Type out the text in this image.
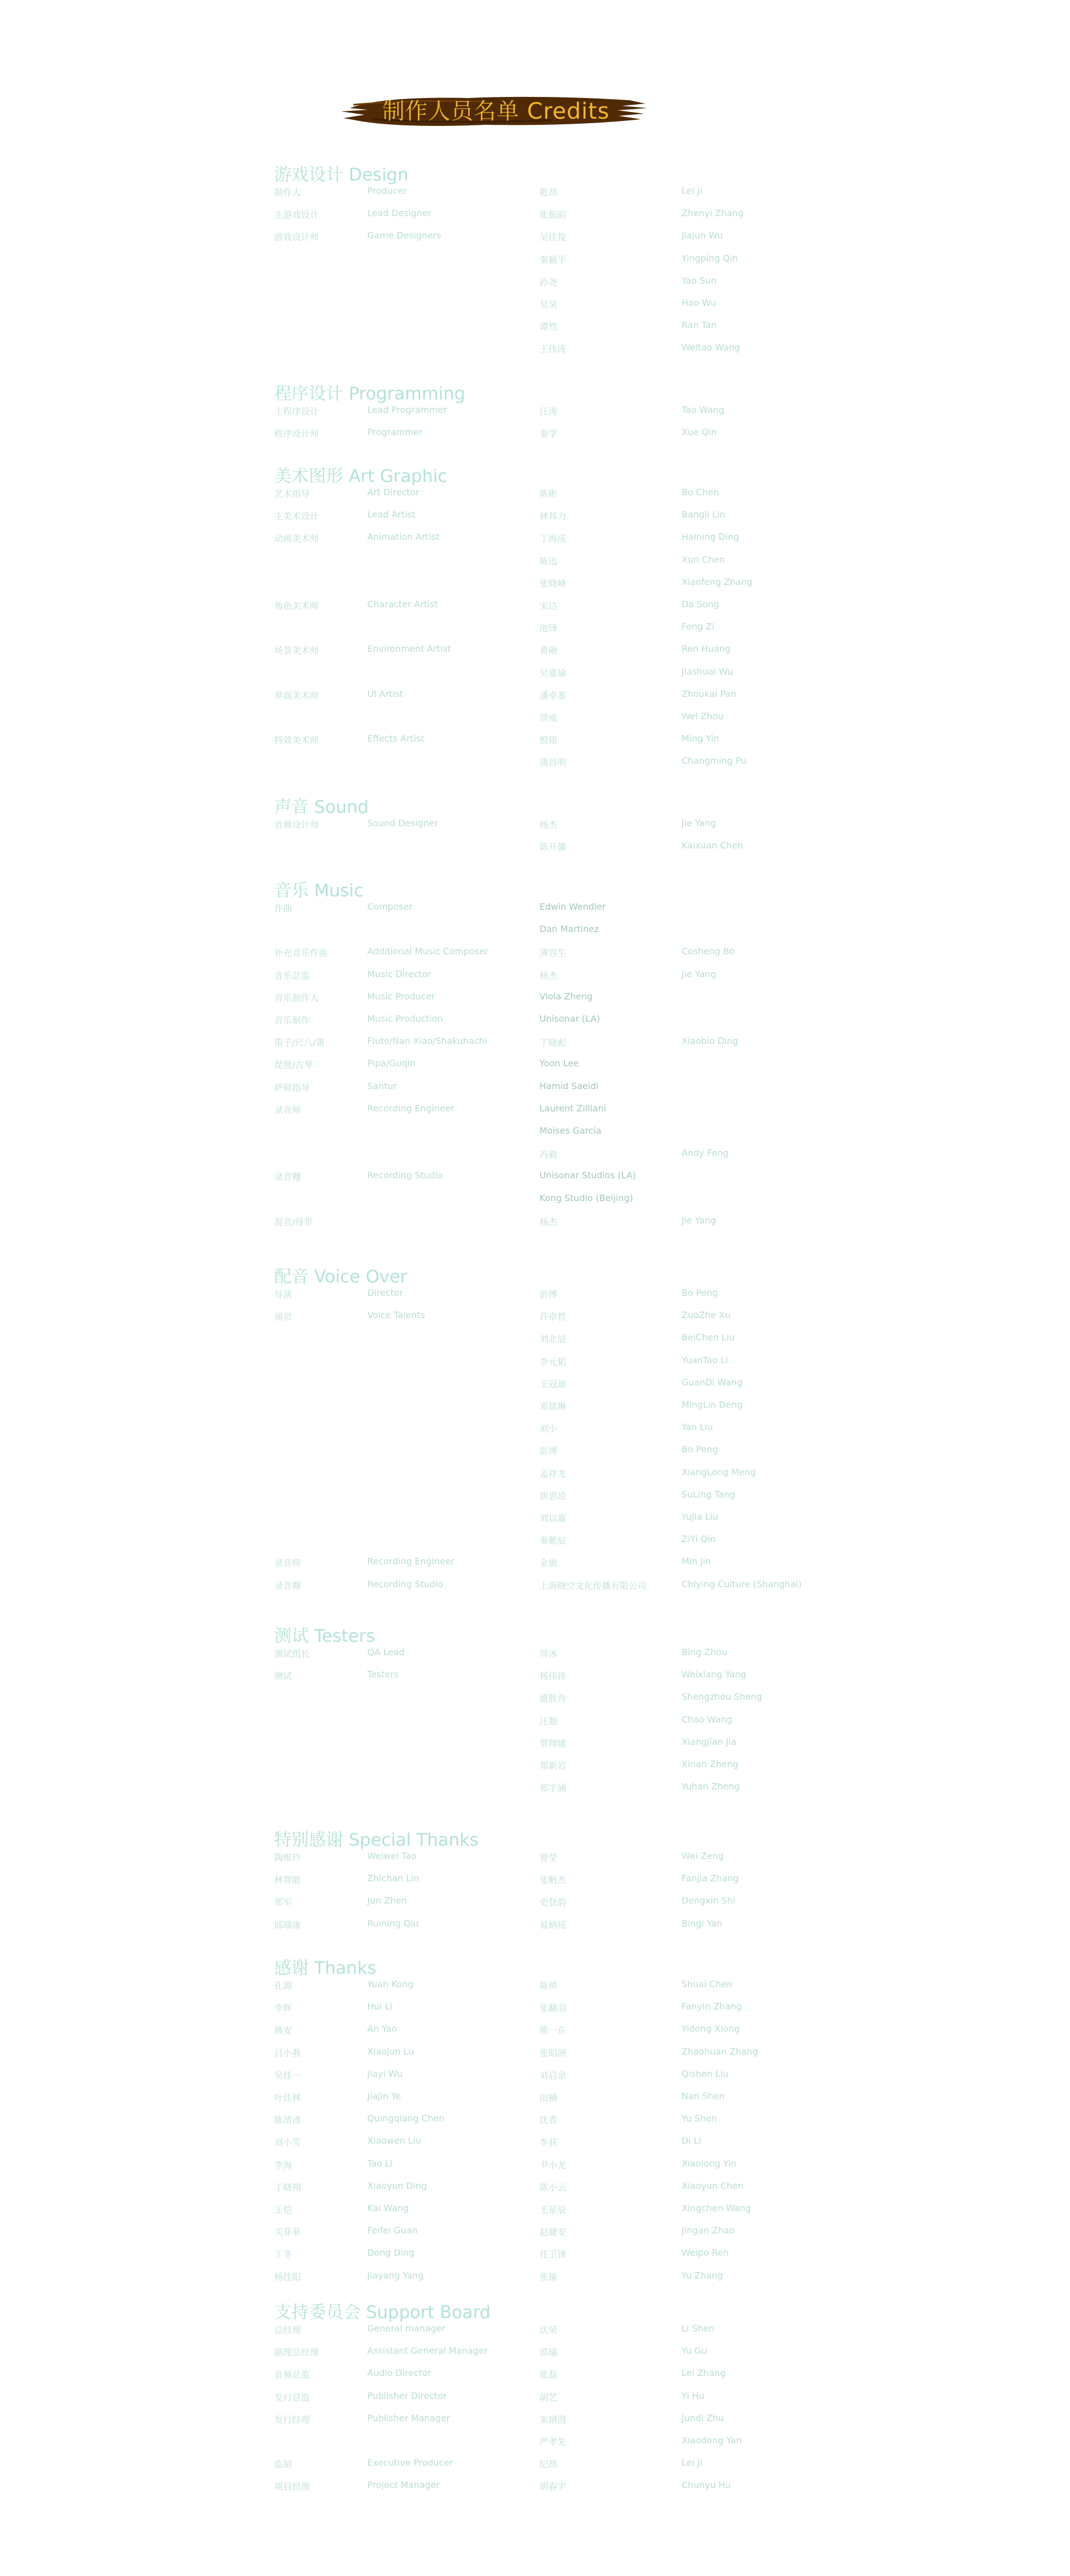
制作人员名单 Credits
游戏设计 Design
制作人	Producer	乾昂	Lei Ji
主游戏设计	Lead Designer	张振昭	Zhenyi Zhang
游戏设计师	Game Designers	吴佳俊	Jiajun Wu
秦颖平	Yingping Qin
孙尧	Yao Sun
吴昊	Hao Wu
谭然	Ran Tan
王伟涛	Weitao Wang
程序设计 Programming
主程序设计	Lead Programmer	汪涛	Tao Wang
程序设计师	Programmer	秦学	Xue Qin
美术图形 Art Graphic
艺术指导	Art Director	陈彬	Bo Chen
主美术设计	Lead Artist	林邦力	Bangli Lin
动画美术师	Animation Artist	丁海成	Haining Ding
陈迅	Xun Chen
张晓峰	Xiaofeng Zhang
角色美术师	Character Artist	宋达	Da Song
池锋	Feng Zi
场景美术师	Environment Artist	黄融	Ren Huang
吴嘉瑜	Jiashuai Wu
界面美术师	UI Artist	潘卓銮	Zhoukai Pan
周威	Wei Zhou
特效美术师	Effects Artist	殷铭	Ming Yin
蒲昌明	Changming Pu
声音 Sound
音频设计师	Sound Designer	杨杰	Jie Yang
陈开馨	Kaixuan Chen
音乐 Music
作曲	Composer	Edwin Wendler
Dan Martinez
补充音乐作曲	Additional Music Composer	薄容生	Cosheng Bo
音乐总监	Music Director	杨杰	Jie Yang
音乐制作人	Music Producer	Viola Zheng
音乐制作	Music Production	Unisonar (LA)
笛子/尺八/箫	Flute/Nan Xiao/Shakuhachi	丁晓彪	Xiaobio Ding
琵琶/古琴	Pipa/Guqin	Yoon Lee
萨顿指导	Santur	Hamid Saeidi
录音师	Recording Engineer	Laurent Zilliani
Moises Garcia
冯毅	Andy Feng
录音棚	Recording Studio	Unisonar Studios (LA)
Kong Studio (Beijing)
混音/母带	杨杰	Jie Yang
配音 Voice Over
导演	Director	彭博	Bo Peng
演员	Voice Talents	许卓哲	ZuoZhe Xu
刘北辰	BeiChen Liu
李元韬	YuanTao Li
王冠迪	GuanDi Wang
邓铭琳	MingLin Deng
刘小	Yan Liu
彭博	Bo Peng
孟祥龙	XiangLong Meng
唐思凌	SuLing Tang
刘以嘉	YuJia Liu
秦紫辰	ZiYi Qin
录音师	Recording Engineer	金敏	Min Jin
录音棚	Recording Studio	上海晓空文化传播有限公司	Chiying Culture (Shanghai)
测试 Testers
测试组长	QA Lead	周冰	Bing Zhou
测试	Testers	杨伟祥	Weixiang Yang
盛胜舟	Shengzhou Sheng
汪超	Chao Wang
贾翔建	Xiangjian Jia
郑新岩	Xinan Zheng
郑宇涵	Yuhan Zheng
特别感谢 Special Thanks
陶维玲	Weiwei Tao	曾莹	Wei Zeng
林智能	Zhichan Lin	张帆杰	Fanjia Zhang
郑军	Jun Zhen	史登韵	Dengxin Shi
邱瑞康	Ruining Qiu	易炳瑶	Bingi Yan
感谢 Thanks
孔源	Yuan Kong	陈帅	Shuai Chen
李辉	Hui Li	张翻羽	Fanyin Zhang
姚安	An Yao	熊一东	Yidong Xiong
吕小燕	Xiaojun Lu	张昭洲	Zhaohuan Zhang
吴佳一	Jiayi Wu	刘启余	Qishen Liu
叶佳林	Jiajin Ye	田楠	Nan Shen
陈清清	Quingqiang Chen	沈青	Yu Shen
刘小雪	Xiaowen Liu	李获	Di Li
李海	Tao Li	尹小龙	Xiaolong Yin
丁晓翔	Xiaoyun Ding	陈小云	Xiaoyun Chen
王恺	Kai Wang	王星辰	Xingchen Wang
关菲菲	Feifei Guan	赵婕安	Jingan Zhao
丁冬	Dong Ding	任卫锋	Weipo Ren
杨佳阳	Jiayang Yang	张瑜	Yu Zhang
支持委员会 Support Board
总经理	General manager	沈荣	Li Shen
副理总经理	Assistant General Manager	郭瑜	Yu Gu
音频总监	Audio Director	张磊	Lei Zhang
发行总监	Publisher Director	胡艺	Yi Hu
发行经理	Publisher Manager	朱靖澄	Jundi Zhu
严孝先	Xiaodong Yan
监制	Executive Producer	纪昂	Lei Ji
项目经理	Project Manager	胡春宇	Chunyu Hu
